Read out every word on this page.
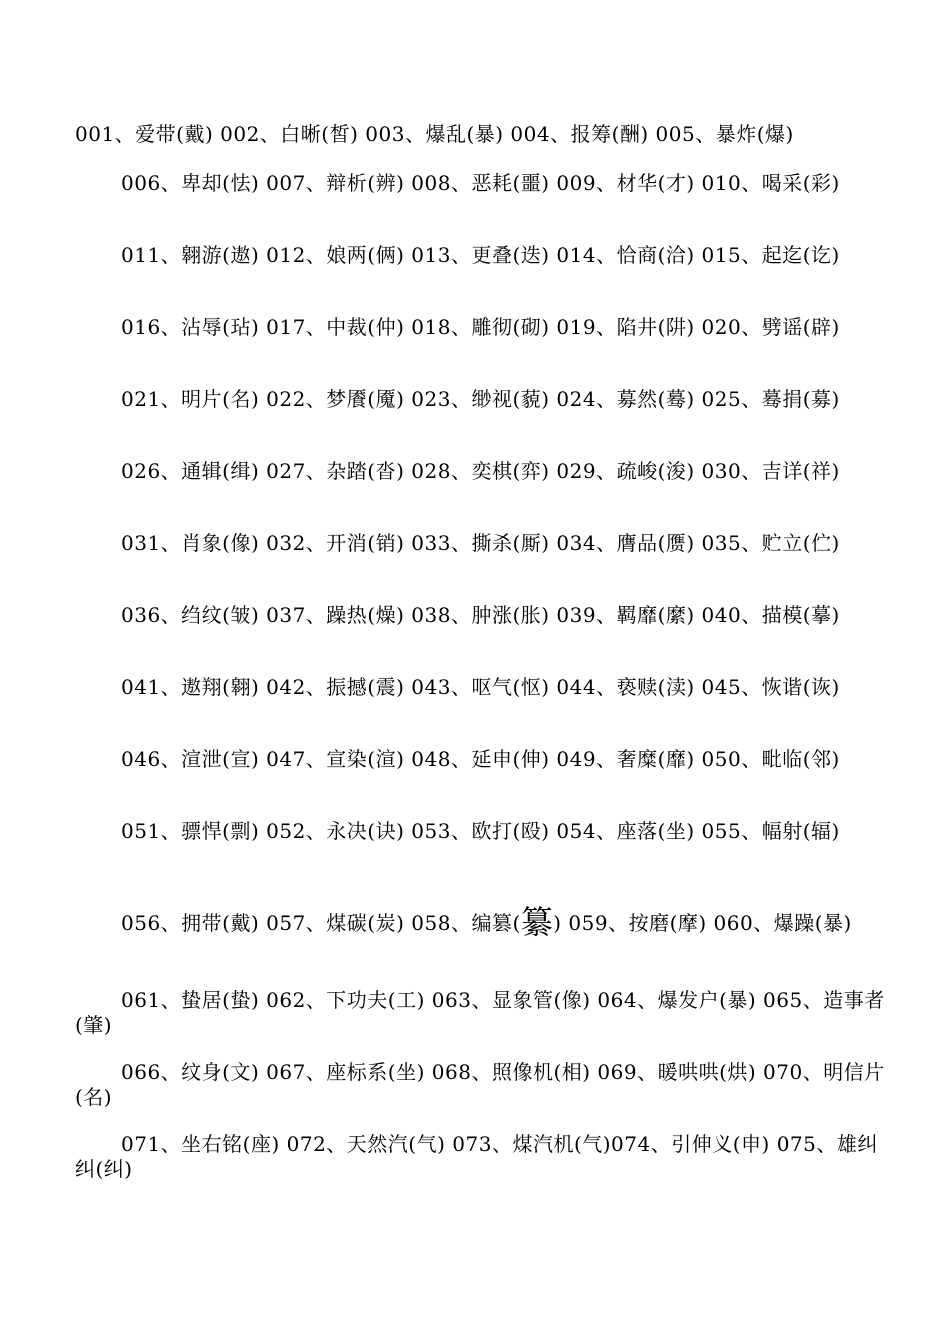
001、爱带(戴) 002、白晰(皙) 003、爆乱(暴) 004、报筹(酬) 005、暴炸(爆)

006、卑却(怯) 007、辩析(辨) 008、恶耗(噩) 009、材华(才) 010、喝采(彩)

011、翱游(遨) 012、娘两(俩) 013、更叠(迭) 014、恰商(洽) 015、起迄(讫)

016、沾辱(玷) 017、中裁(仲) 018、雕彻(砌) 019、陷井(阱) 020、劈谣(辟)

021、明片(名) 022、梦餍(魇) 023、缈视(藐) 024、募然(蓦) 025、蓦捐(募)

026、通辑(缉) 027、杂踏(沓) 028、奕棋(弈) 029、疏峻(浚) 030、吉详(祥)

031、肖象(像) 032、开消(销) 033、撕杀(厮) 034、膺品(赝) 035、贮立(伫)

036、绉纹(皱) 037、躁热(燥) 038、肿涨(胀) 039、羁靡(縻) 040、描模(摹)

041、遨翔(翱) 042、振撼(震) 043、呕气(怄) 044、亵赎(渎) 045、恢谐(诙)

046、渲泄(宣) 047、宣染(渲) 048、延申(伸) 049、奢糜(靡) 050、毗临(邻)

051、骠悍(剽) 052、永决(诀) 053、欧打(殴) 054、座落(坐) 055、幅射(辐)

056、拥带(戴) 057、煤碳(炭) 058、编篡(纂) 059、按磨(摩) 060、爆躁(暴)

061、蛰居(蛰) 062、下功夫(工) 063、显象管(像) 064、爆发户(暴) 065、造事者(肇)

066、纹身(文) 067、座标系(坐) 068、照像机(相) 069、暖哄哄(烘) 070、明信片(名)

071、坐右铭(座) 072、天然汽(气) 073、煤汽机(气)074、引伸义(申) 075、雄纠纠(纠)
